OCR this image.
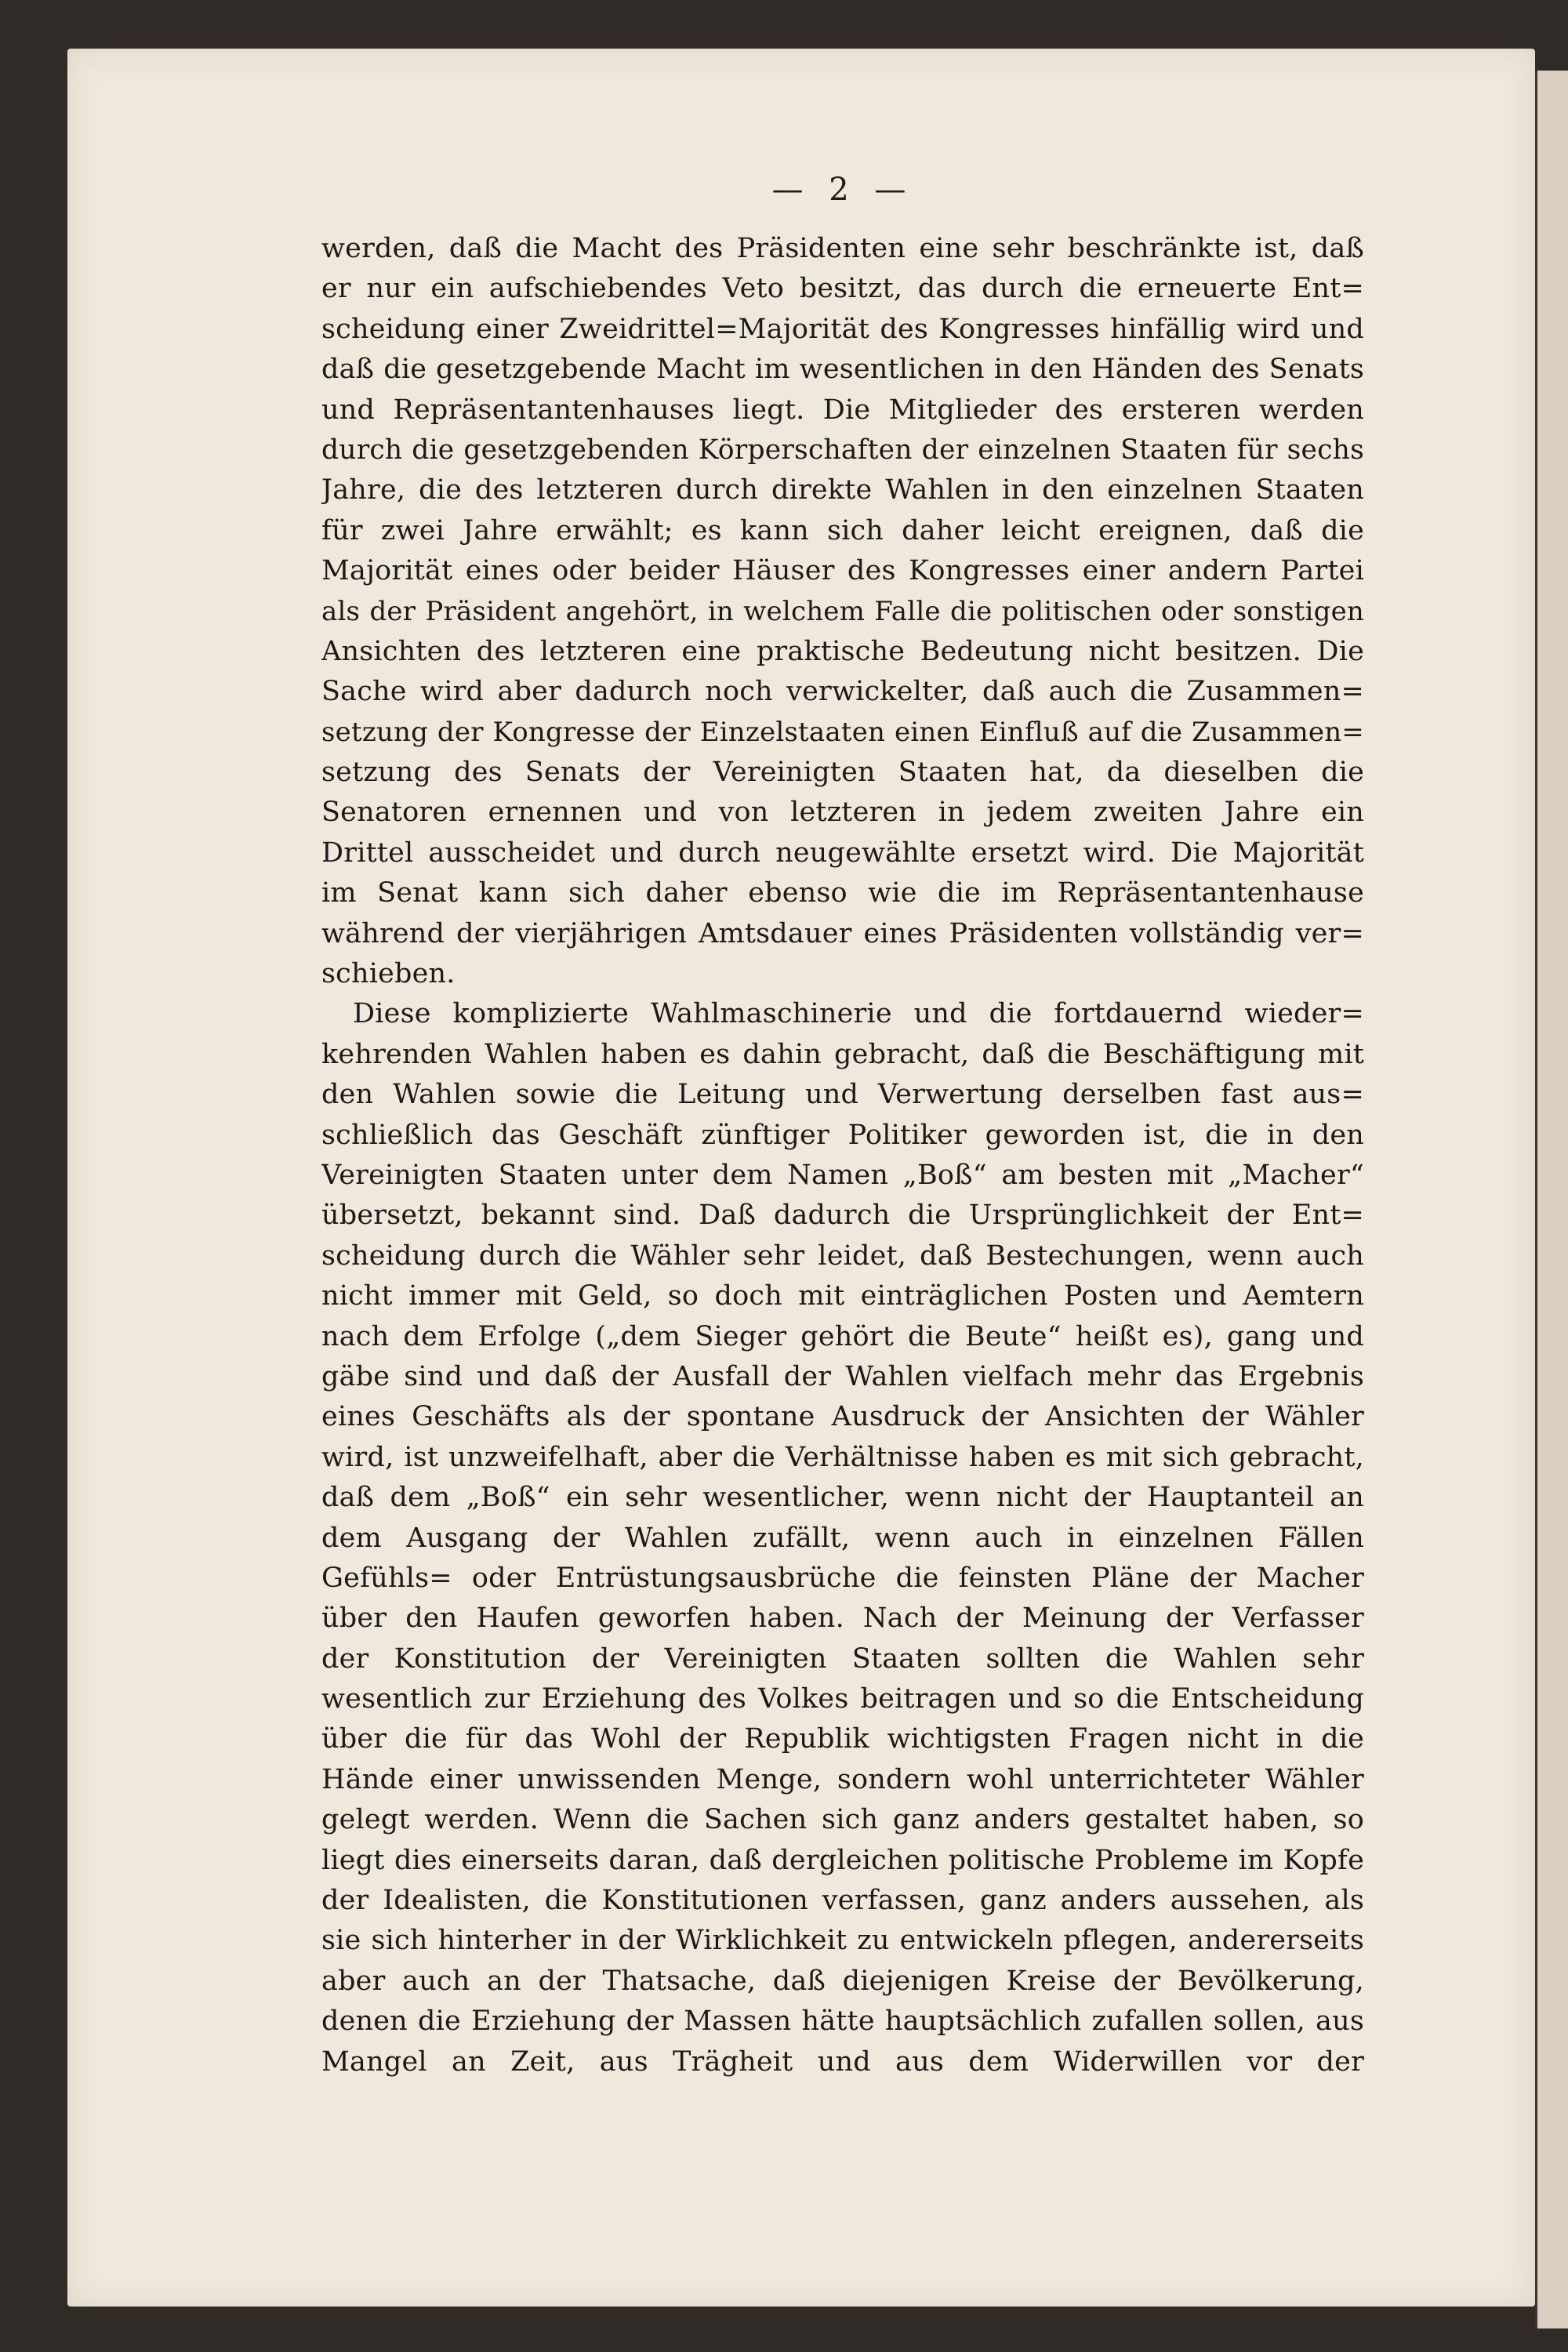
— 2 —
werden, daß die Macht des Präsidenten eine sehr beschränkte ist, daß
er nur ein aufschiebendes Veto besitzt, das durch die erneuerte Ent=
scheidung einer Zweidrittel=Majorität des Kongresses hinfällig wird und
daß die gesetzgebende Macht im wesentlichen in den Händen des Senats
und Repräsentantenhauses liegt. Die Mitglieder des ersteren werden
durch die gesetzgebenden Körperschaften der einzelnen Staaten für sechs
Jahre, die des letzteren durch direkte Wahlen in den einzelnen Staaten
für zwei Jahre erwählt; es kann sich daher leicht ereignen, daß die
Majorität eines oder beider Häuser des Kongresses einer andern Partei
als der Präsident angehört, in welchem Falle die politischen oder sonstigen
Ansichten des letzteren eine praktische Bedeutung nicht besitzen. Die
Sache wird aber dadurch noch verwickelter, daß auch die Zusammen=
setzung der Kongresse der Einzelstaaten einen Einfluß auf die Zusammen=
setzung des Senats der Vereinigten Staaten hat, da dieselben die
Senatoren ernennen und von letzteren in jedem zweiten Jahre ein
Drittel ausscheidet und durch neugewählte ersetzt wird. Die Majorität
im Senat kann sich daher ebenso wie die im Repräsentantenhause
während der vierjährigen Amtsdauer eines Präsidenten vollständig ver=
schieben.
Diese komplizierte Wahlmaschinerie und die fortdauernd wieder=
kehrenden Wahlen haben es dahin gebracht, daß die Beschäftigung mit
den Wahlen sowie die Leitung und Verwertung derselben fast aus=
schließlich das Geschäft zünftiger Politiker geworden ist, die in den
Vereinigten Staaten unter dem Namen „Boß“ am besten mit „Macher“
übersetzt, bekannt sind. Daß dadurch die Ursprünglichkeit der Ent=
scheidung durch die Wähler sehr leidet, daß Bestechungen, wenn auch
nicht immer mit Geld, so doch mit einträglichen Posten und Aemtern
nach dem Erfolge („dem Sieger gehört die Beute“ heißt es), gang und
gäbe sind und daß der Ausfall der Wahlen vielfach mehr das Ergebnis
eines Geschäfts als der spontane Ausdruck der Ansichten der Wähler
wird, ist unzweifelhaft, aber die Verhältnisse haben es mit sich gebracht,
daß dem „Boß“ ein sehr wesentlicher, wenn nicht der Hauptanteil an
dem Ausgang der Wahlen zufällt, wenn auch in einzelnen Fällen
Gefühls= oder Entrüstungsausbrüche die feinsten Pläne der Macher
über den Haufen geworfen haben. Nach der Meinung der Verfasser
der Konstitution der Vereinigten Staaten sollten die Wahlen sehr
wesentlich zur Erziehung des Volkes beitragen und so die Entscheidung
über die für das Wohl der Republik wichtigsten Fragen nicht in die
Hände einer unwissenden Menge, sondern wohl unterrichteter Wähler
gelegt werden. Wenn die Sachen sich ganz anders gestaltet haben, so
liegt dies einerseits daran, daß dergleichen politische Probleme im Kopfe
der Idealisten, die Konstitutionen verfassen, ganz anders aussehen, als
sie sich hinterher in der Wirklichkeit zu entwickeln pflegen, andererseits
aber auch an der Thatsache, daß diejenigen Kreise der Bevölkerung,
denen die Erziehung der Massen hätte hauptsächlich zufallen sollen, aus
Mangel an Zeit, aus Trägheit und aus dem Widerwillen vor der
